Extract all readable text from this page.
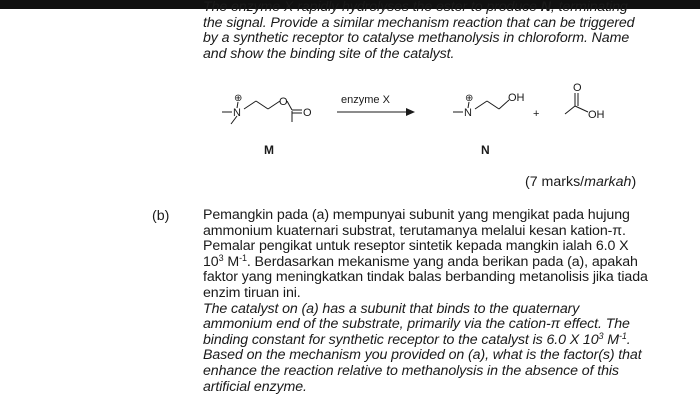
The enzyme X rapidly hydrolyses the ester to produce N, terminating the signal. Provide a similar mechanism reaction that can be triggered by a synthetic receptor to catalyse methanolysis in chloroform. Name and show the binding site of the catalyst.
⊕
N
O
O
enzyme X	⊕
N
OH
+
O
OH
M	N
(7 marks/markah)
(b) Pemangkin pada (a) mempunyai subunit yang mengikat pada hujung ammonium kuaternari substrat, terutamanya melalui kesan kation-π. Pemalar pengikat untuk reseptor sintetik kepada mangkin ialah 6.0 X $10^3$ $M^{-1}$. Berdasarkan mekanisme yang anda berikan pada (a), apakah faktor yang meningkatkan tindak balas berbanding metanolisis jika tiada enzim tiruan ini.

The catalyst on (a) has a subunit that binds to the quaternary ammonium end of the substrate, primarily via the cation-π effect. The binding constant for synthetic receptor to the catalyst is 6.0 X $10^3$ $M^{-1}$. Based on the mechanism you provided on (a), what is the factor(s) that enhance the reaction relative to methanolysis in the absence of this artificial enzyme.
